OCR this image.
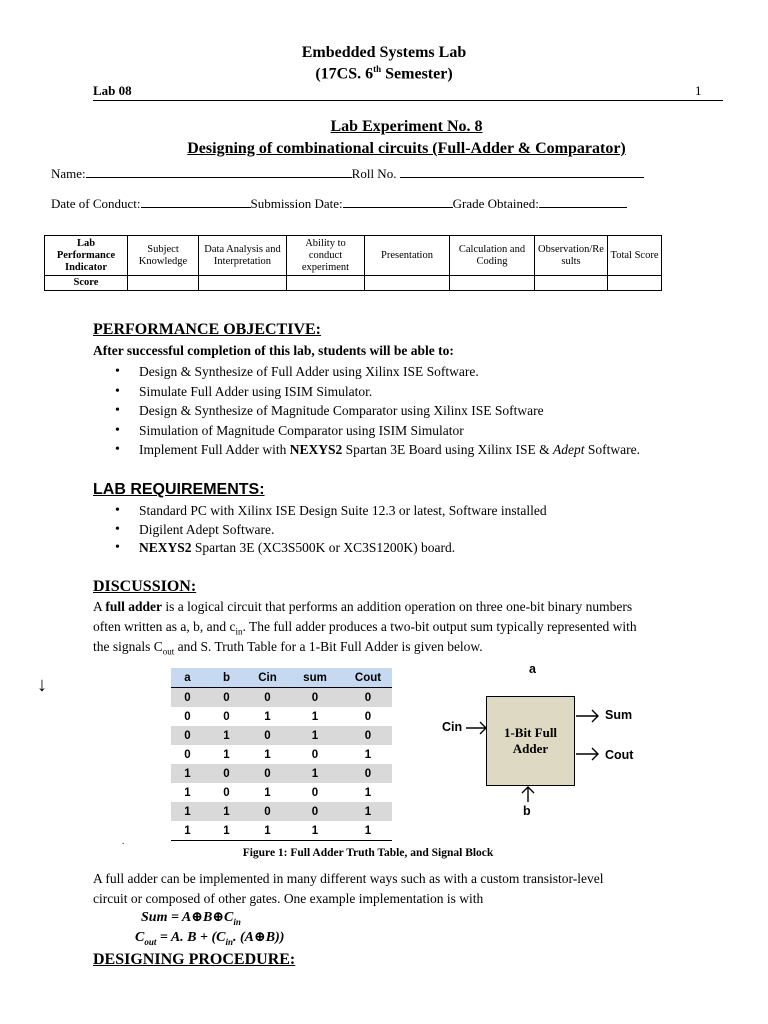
Embedded Systems Lab
(17CS. 6th Semester)
Lab 08	1
Lab Experiment No. 8
Designing of combinational circuits (Full-Adder & Comparator)
Name:	Roll No.
Date of Conduct:	Submission Date:	Grade Obtained:
Lab Performance Indicator	Subject Knowledge	Data Analysis and Interpretation	Ability to conduct experiment	Presentation	Calculation and Coding	Observation/Re sults	Total Score
Score							
PERFORMANCE OBJECTIVE:
After successful completion of this lab, students will be able to:
• Design & Synthesize of Full Adder using Xilinx ISE Software.
• Simulate Full Adder using ISIM Simulator.
• Design & Synthesize of Magnitude Comparator using Xilinx ISE Software
• Simulation of Magnitude Comparator using ISIM Simulator
• Implement Full Adder with NEXYS2 Spartan 3E Board using Xilinx ISE & Adept Software.
LAB REQUIREMENTS:
• Standard PC with Xilinx ISE Design Suite 12.3 or latest, Software installed
• Digilent Adept Software.
• NEXYS2 Spartan 3E (XC3S500K or XC3S1200K) board.
DISCUSSION:
A full adder is a logical circuit that performs an addition operation on three one-bit binary numbers
often written as a, b, and $c_{in}$. The full adder produces a two-bit output sum typically represented with
the signals $C_{out}$ and S. Truth Table for a 1-Bit Full Adder is given below.
↓	a	b	Cin	sum	Cout
0	0	0	0	0
0	0	1	1	0
0	1	0	1	0
0	1	1	0	1
1	0	0	1	0
1	0	1	0	1
1	1	0	0	1
1	1	1	1	1
.
a
1-Bit Full
Adder
Cin
Sum
Cout
b
Figure 1: Full Adder Truth Table, and Signal Block
A full adder can be implemented in many different ways such as with a custom transistor-level
circuit or composed of other gates. One example implementation is with
Sum = $A\oplus B\oplus C_{in}$
$C_{out} = A$. $B + (C_{in}$. (A⊕B))
DESIGNING PROCEDURE:
